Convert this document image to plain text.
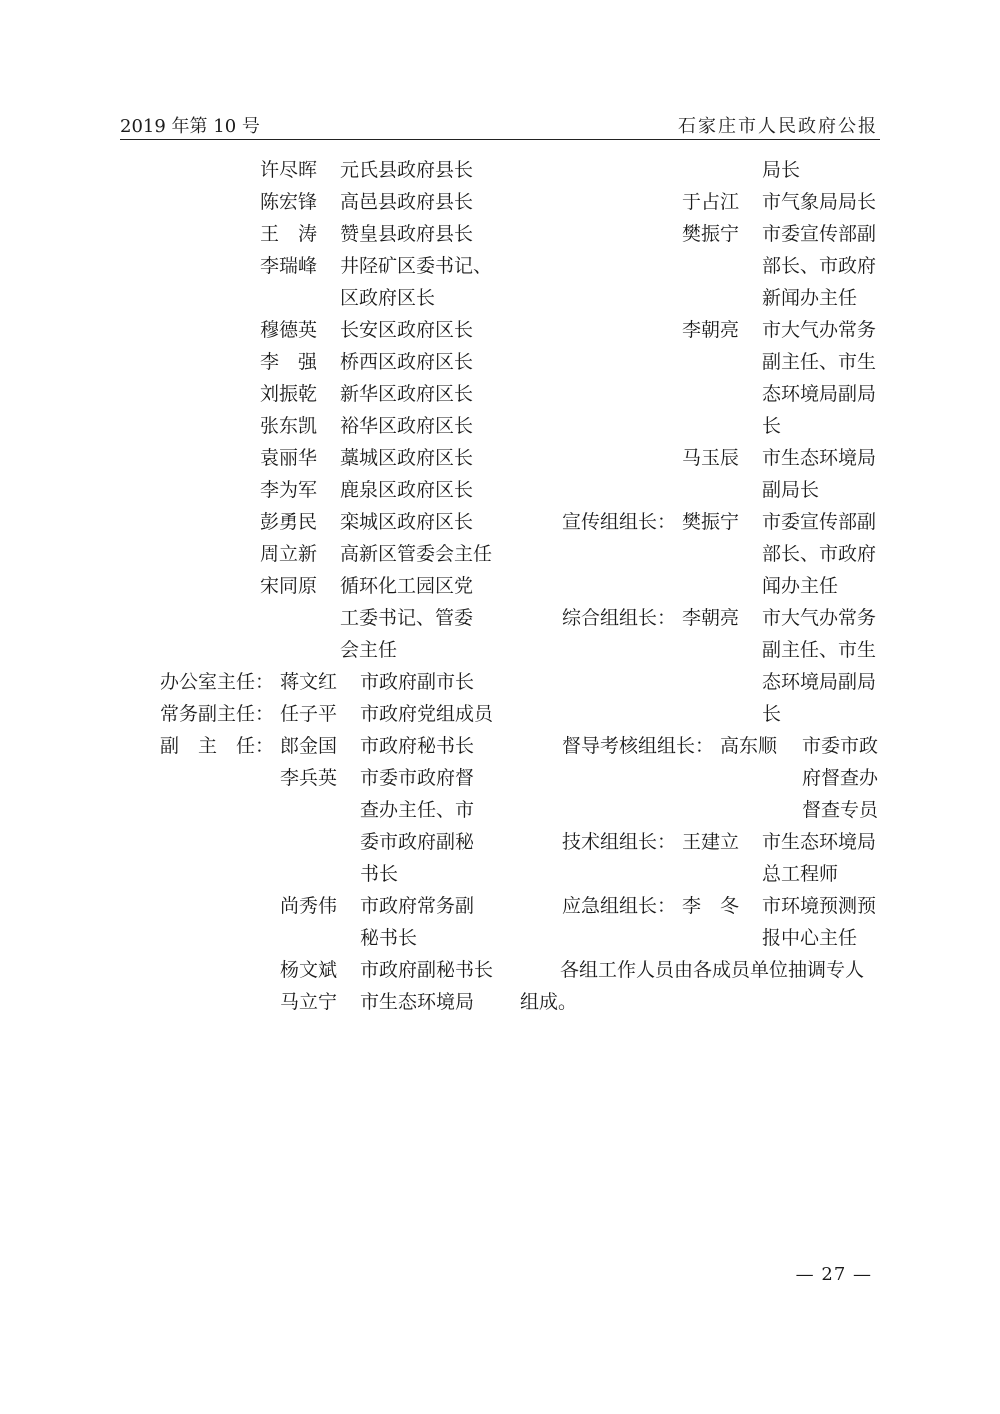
2019 年第 10 号	石家庄市人民政府公报
许尽晖 元氏县政府县长
陈宏锋 高邑县政府县长
王　涛 赞皇县政府县长
李瑞峰 井陉矿区委书记、
区政府区长
穆德英 长安区政府区长
李　强 桥西区政府区长
刘振乾 新华区政府区长
张东凯 裕华区政府区长
袁丽华 藁城区政府区长
李为军 鹿泉区政府区长
彭勇民 栾城区政府区长
周立新 高新区管委会主任
宋同原 循环化工园区党
工委书记、管委
会主任
办公室主任： 蒋文红 市政府副市长
常务副主任： 任子平 市政府党组成员
副　主　任： 郎金国 市政府秘书长
李兵英 市委市政府督
查办主任、市
委市政府副秘
书长
尚秀伟 市政府常务副
秘书长
杨文斌 市政府副秘书长
马立宁 市生态环境局
局长
于占江 市气象局局长
樊振宁 市委宣传部副
部长、市政府
新闻办主任
李朝亮 市大气办常务
副主任、市生
态环境局副局
长
马玉辰 市生态环境局
副局长
宣传组组长： 樊振宁 市委宣传部副
部长、市政府
闻办主任
综合组组长： 李朝亮 市大气办常务
副主任、市生
态环境局副局
长
督导考核组组长： 高东顺 市委市政
府督查办
督查专员
技术组组长： 王建立 市生态环境局
总工程师
应急组组长： 李　冬 市环境预测预
报中心主任
各组工作人员由各成员单位抽调专人
组成。
— 27 —
